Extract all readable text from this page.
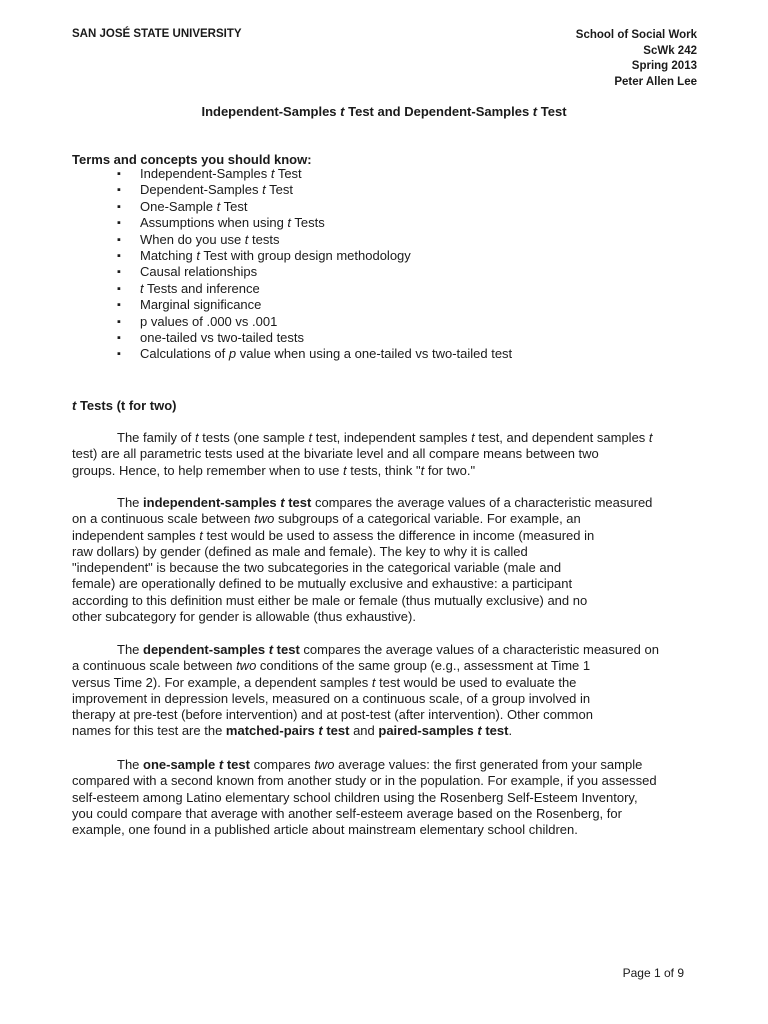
SAN JOSÉ STATE UNIVERSITY	School of Social Work
ScWk 242
Spring 2013
Peter Allen Lee
Independent-Samples t Test and Dependent-Samples t Test
Terms and concepts you should know:
▪ Independent-Samples t Test
▪ Dependent-Samples t Test
▪ One-Sample t Test
▪ Assumptions when using t Tests
▪ When do you use t tests
▪ Matching t Test with group design methodology
▪ Causal relationships
▪ t Tests and inference
▪ Marginal significance
▪ p values of .000 vs .001
▪ one-tailed vs two-tailed tests
▪ Calculations of p value when using a one-tailed vs two-tailed test
t Tests (t for two)

The family of t tests (one sample t test, independent samples t test, and dependent samples t
test) are all parametric tests used at the bivariate level and all compare means between two
groups. Hence, to help remember when to use t tests, think "t for two."

The independent-samples t test compares the average values of a characteristic measured
on a continuous scale between two subgroups of a categorical variable. For example, an
independent samples t test would be used to assess the difference in income (measured in
raw dollars) by gender (defined as male and female). The key to why it is called
"independent" is because the two subcategories in the categorical variable (male and
female) are operationally defined to be mutually exclusive and exhaustive: a participant
according to this definition must either be male or female (thus mutually exclusive) and no
other subcategory for gender is allowable (thus exhaustive).

The dependent-samples t test compares the average values of a characteristic measured on
a continuous scale between two conditions of the same group (e.g., assessment at Time 1
versus Time 2). For example, a dependent samples t test would be used to evaluate the
improvement in depression levels, measured on a continuous scale, of a group involved in
therapy at pre-test (before intervention) and at post-test (after intervention). Other common
names for this test are the matched-pairs t test and paired-samples t test.

The one-sample t test compares two average values: the first generated from your sample
compared with a second known from another study or in the population. For example, if you assessed
self-esteem among Latino elementary school children using the Rosenberg Self-Esteem Inventory,
you could compare that average with another self-esteem average based on the Rosenberg, for
example, one found in a published article about mainstream elementary school children.

Page 1 of 9
